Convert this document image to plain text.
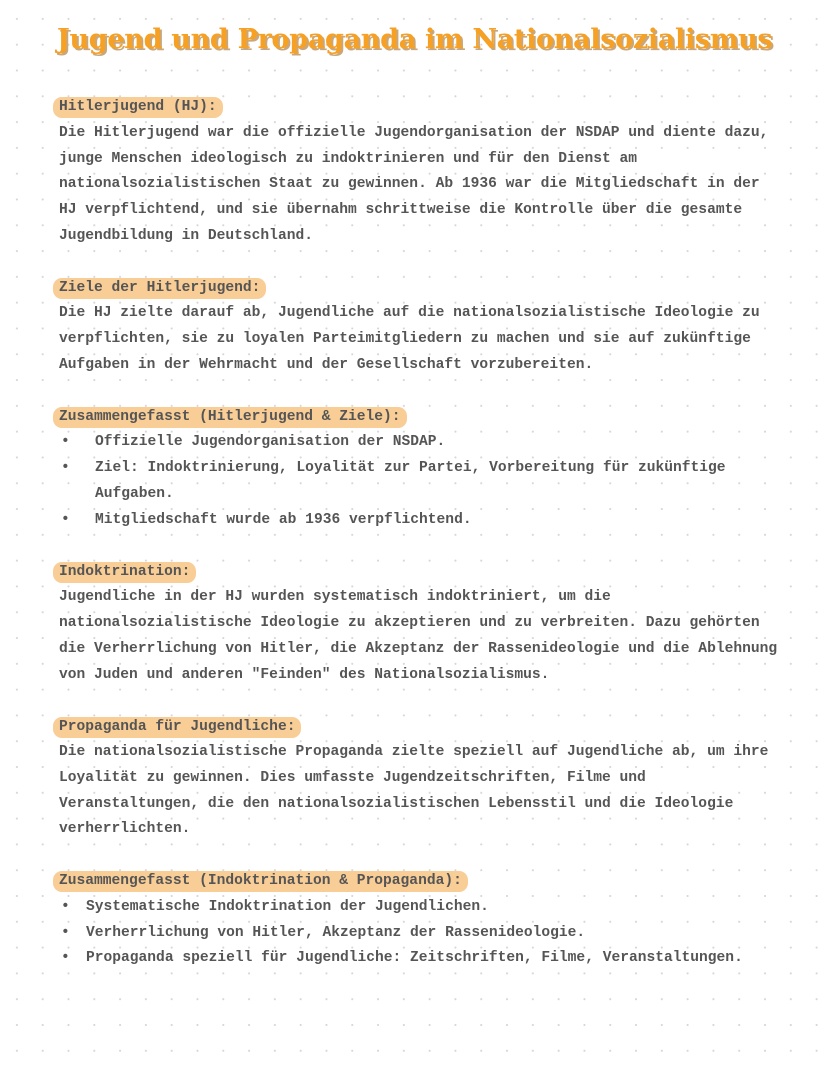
Jugend und Propaganda im Nationalsozialismus
Hitlerjugend (HJ):
Die Hitlerjugend war die offizielle Jugendorganisation der NSDAP und diente dazu,
junge Menschen ideologisch zu indoktrinieren und für den Dienst am
nationalsozialistischen Staat zu gewinnen. Ab 1936 war die Mitgliedschaft in der
HJ verpflichtend, und sie übernahm schrittweise die Kontrolle über die gesamte
Jugendbildung in Deutschland.
Ziele der Hitlerjugend:
Die HJ zielte darauf ab, Jugendliche auf die nationalsozialistische Ideologie zu
verpflichten, sie zu loyalen Parteimitgliedern zu machen und sie auf zukünftige
Aufgaben in der Wehrmacht und der Gesellschaft vorzubereiten.
Zusammengefasst (Hitlerjugend & Ziele):
•	Offizielle Jugendorganisation der NSDAP.
•	Ziel: Indoktrinierung, Loyalität zur Partei, Vorbereitung für zukünftige
Aufgaben.
•	Mitgliedschaft wurde ab 1936 verpflichtend.
Indoktrination:
Jugendliche in der HJ wurden systematisch indoktriniert, um die
nationalsozialistische Ideologie zu akzeptieren und zu verbreiten. Dazu gehörten
die Verherrlichung von Hitler, die Akzeptanz der Rassenideologie und die Ablehnung
von Juden und anderen "Feinden" des Nationalsozialismus.
Propaganda für Jugendliche:
Die nationalsozialistische Propaganda zielte speziell auf Jugendliche ab, um ihre
Loyalität zu gewinnen. Dies umfasste Jugendzeitschriften, Filme und
Veranstaltungen, die den nationalsozialistischen Lebensstil und die Ideologie
verherrlichten.
Zusammengefasst (Indoktrination & Propaganda):
•	Systematische Indoktrination der Jugendlichen.
•	Verherrlichung von Hitler, Akzeptanz der Rassenideologie.
•	Propaganda speziell für Jugendliche: Zeitschriften, Filme, Veranstaltungen.
